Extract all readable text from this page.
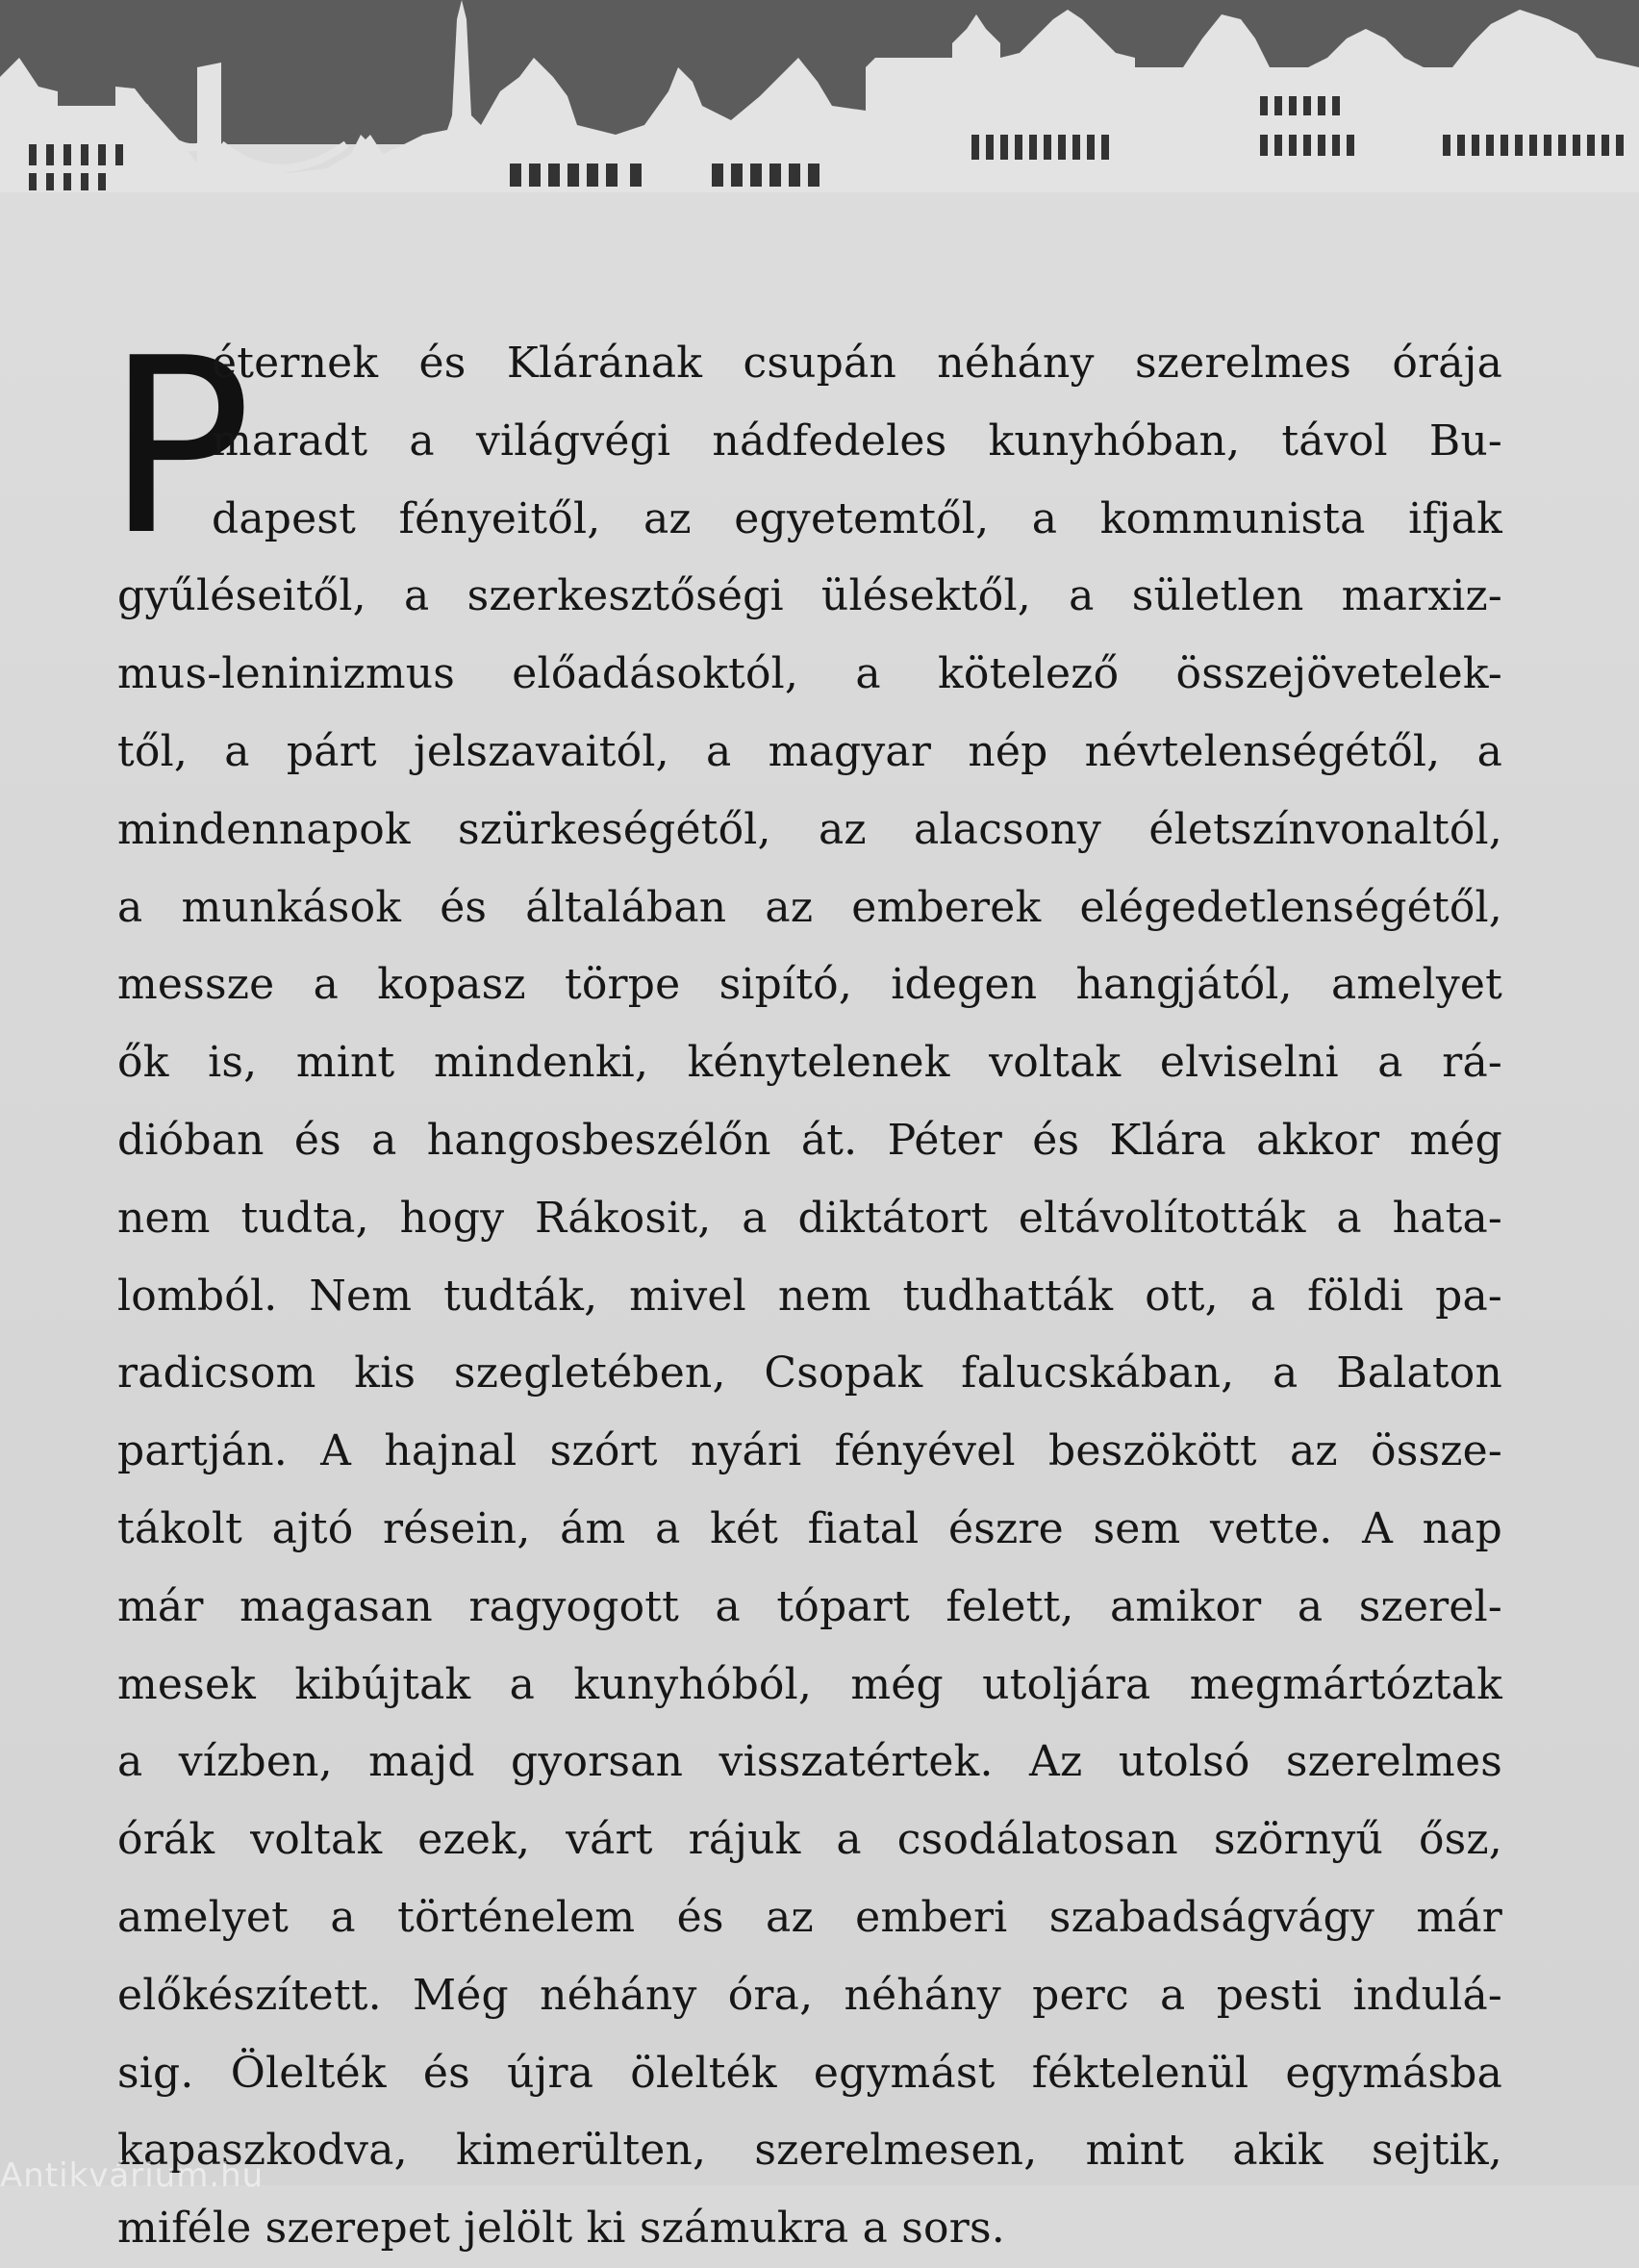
P
éternek és Klárának csupán néhány szerelmes órája
maradt a világvégi nádfedeles kunyhóban, távol Bu-
dapest fényeitől, az egyetemtől, a kommunista ifjak
gyűléseitől, a szerkesztőségi ülésektől, a sületlen marxiz-
mus-leninizmus előadásoktól, a kötelező összejövetelek-
től, a párt jelszavaitól, a magyar nép névtelenségétől, a
mindennapok szürkeségétől, az alacsony életszínvonaltól,
a munkások és általában az emberek elégedetlenségétől,
messze a kopasz törpe sipító, idegen hangjától, amelyet
ők is, mint mindenki, kénytelenek voltak elviselni a rá-
dióban és a hangosbeszélőn át. Péter és Klára akkor még
nem tudta, hogy Rákosit, a diktátort eltávolították a hata-
lomból. Nem tudták, mivel nem tudhatták ott, a földi pa-
radicsom kis szegletében, Csopak falucskában, a Balaton
partján. A hajnal szórt nyári fényével beszökött az össze-
tákolt ajtó résein, ám a két fiatal észre sem vette. A nap
már magasan ragyogott a tópart felett, amikor a szerel-
mesek kibújtak a kunyhóból, még utoljára megmártóztak
a vízben, majd gyorsan visszatértek. Az utolsó szerelmes
órák voltak ezek, várt rájuk a csodálatosan szörnyű ősz,
amelyet a történelem és az emberi szabadságvágy már
előkészített. Még néhány óra, néhány perc a pesti indulá-
sig. Ölelték és újra ölelték egymást féktelenül egymásba
kapaszkodva, kimerülten, szerelmesen, mint akik sejtik,
miféle szerepet jelölt ki számukra a sors.
Antikvárium.hu
